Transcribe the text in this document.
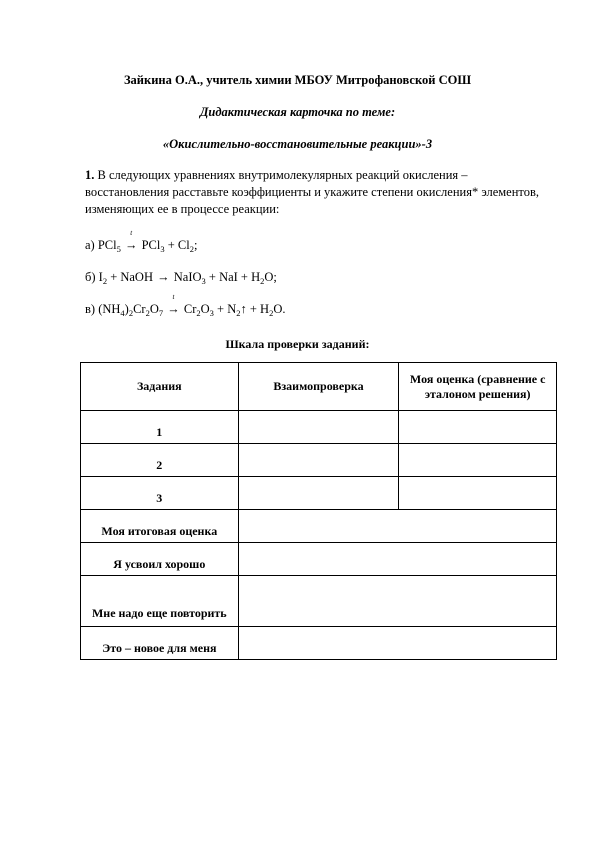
Зайкина О.А., учитель химии МБОУ Митрофановской СОШ
Дидактическая карточка по теме:
«Окислительно-восстановительные реакции»-3
1. В следующих уравнениях внутримолекулярных реакций окисления – восстановления расставьте коэффициенты и укажите степени окисления* элементов, изменяющих ее в процессе реакции:
а) PCl$_5$
t
→ $PCl_3 + Cl_2$;
б) $I_2$ + NaOH → NaIO$_3$ + NaI + $H_2O$;
в) $(NH_4)_2Cr_2O_7$
t
→ $Cr_2O_3$ + $N_2↑ + H_2O$.
Шкала проверки заданий:
Задания	Взаимопроверка	Моя оценка (сравнение с эталоном решения)
1		
2		
3		
Моя итоговая оценка		
Я усвоил хорошо		
Мне надо еще повторить		
Это – новое для меня		
